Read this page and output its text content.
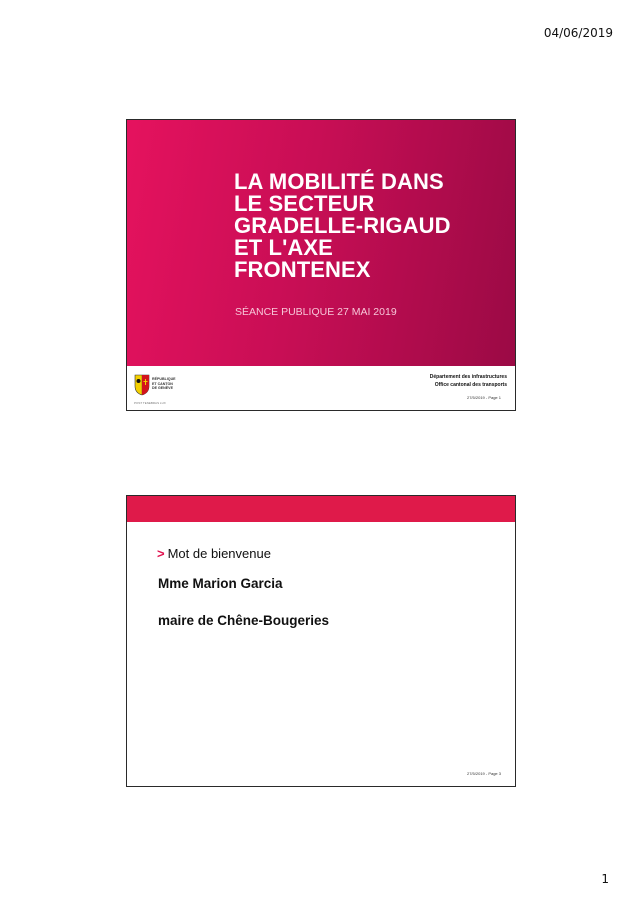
04/06/2019
LA MOBILITÉ DANS
LE SECTEUR
GRADELLE-RIGAUD
ET L'AXE
FRONTENEX
SÉANCE PUBLIQUE 27 MAI 2019
RÉPUBLIQUE
ET CANTON
DE GENÈVE
POST TENEBRAS LUX
Département des infrastructures
Office cantonal des transports
27/5/2019 - Page 1
> Mot de bienvenue
Mme Marion Garcia
maire de Chêne-Bougeries
27/5/2019 - Page 3
1
